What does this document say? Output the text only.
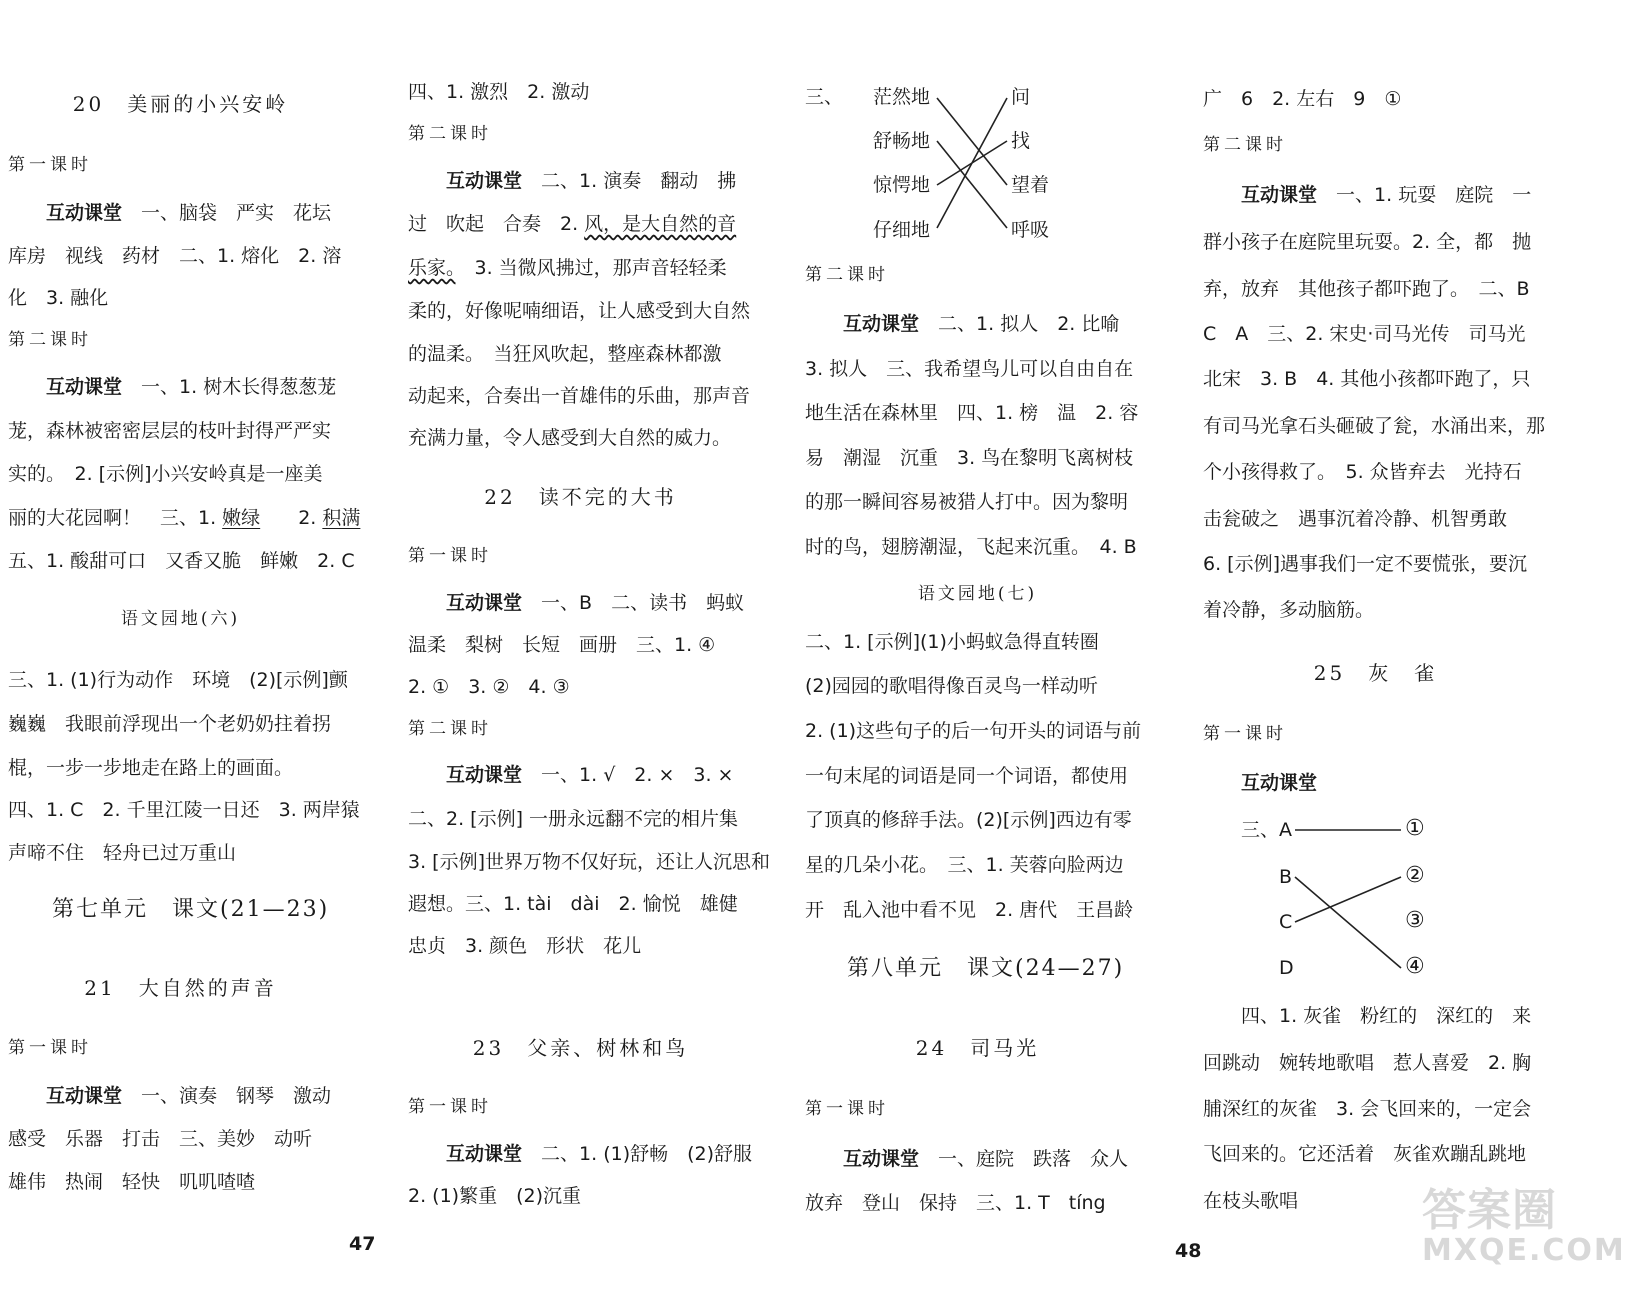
20　美丽的小兴安岭
第一课时
互动课堂　 一、脑袋　严实　花坛
库房　视线　药材　二、1. 熔化　2. 溶
化　3. 融化
第二课时
互动课堂　 一、1. 树木长得葱葱茏
茏，森林被密密层层的枝叶封得严严实
实的。　2. [示例]小兴安岭真是一座美
丽的大花园啊！　三、1. 嫩绿　　2. 积满
五、1. 酸甜可口　又香又脆　鲜嫩　2. C
语文园地(六)
三、1. (1)行为动作　环境　(2)[示例]颤
巍巍　我眼前浮现出一个老奶奶拄着拐
棍，一步一步地走在路上的画面。
四、1. C　2. 千里江陵一日还　3. 两岸猿
声啼不住　轻舟已过万重山
第七单元　课文(21—23)
21　大自然的声音
第一课时
互动课堂　 一、演奏　钢琴　激动
感受　乐器　打击　三、美妙　动听
雄伟　热闹　轻快　叽叽喳喳
47
四、1. 激烈　2. 激动
第二课时
互动课堂　 二、1. 演奏　翻动　拂
过　吹起　合奏　2. 风，是大自然的音
乐家。　3. 当微风拂过，那声音轻轻柔
柔的，好像呢喃细语，让人感受到大自然
的温柔。　当狂风吹起，整座森林都激
动起来，合奏出一首雄伟的乐曲，那声音
充满力量，令人感受到大自然的威力。
22　读不完的大书
第一课时
互动课堂　 一、B　二、读书　蚂蚁
温柔　梨树　长短　画册　三、1. ④
2. ①　3. ②　4. ③
第二课时
互动课堂　 一、1. √　2. ×　3. ×
二、2. [示例] 一册永远翻不完的相片集
3. [示例]世界万物不仅好玩，还让人沉思和
遐想。三、1. tài　dài　2. 愉悦　雄健
忠贞　3. 颜色　形状　花儿
23　父亲、树林和鸟
第一课时
互动课堂　 二、1. (1)舒畅　(2)舒服
2. (1)繁重　(2)沉重
三、 茫然地
舒畅地
惊愕地
仔细地
问
找
望着
呼吸
第二课时
互动课堂　 二、1. 拟人　2. 比喻
3. 拟人　三、我希望鸟儿可以自由自在
地生活在森林里　四、1. 榜　温　2. 容
易　潮湿　沉重　3. 鸟在黎明飞离树枝
的那一瞬间容易被猎人打中。因为黎明
时的鸟，翅膀潮湿，飞起来沉重。　4. B
语文园地(七)
二、1. [示例](1)小蚂蚁急得直转圈
(2)园园的歌唱得像百灵鸟一样动听
2. (1)这些句子的后一句开头的词语与前
一句末尾的词语是同一个词语，都使用
了顶真的修辞手法。(2)[示例]西边有零
星的几朵小花。　三、1. 芙蓉向脸两边
开　乱入池中看不见　2. 唐代　王昌龄
第八单元　课文(24—27)
24　司马光
第一课时
互动课堂　 一、庭院　跌落　众人
放弃　登山　保持　三、1. T　tíng
广　6　2. 左右　9　①
第二课时
互动课堂　 一、1. 玩耍　庭院　一
群小孩子在庭院里玩耍。2. 全，都　抛
弃，放弃　其他孩子都吓跑了。　二、B
C　A　三、2. 宋史·司马光传　司马光
北宋　3. B　4. 其他小孩都吓跑了，只
有司马光拿石头砸破了瓮，水涌出来，那
个小孩得救了。　5. 众皆弃去　光持石
击瓮破之　遇事沉着冷静、机智勇敢
6. [示例]遇事我们一定不要慌张，要沉
着冷静，多动脑筋。
25　灰　雀
第一课时
互动课堂
三、 A
B
C
D
①
②
③
④
四、1. 灰雀　粉红的　深红的　来
回跳动　婉转地歌唱　惹人喜爱　2. 胸
脯深红的灰雀　3. 会飞回来的，一定会
飞回来的。它还活着　灰雀欢蹦乱跳地
在枝头歌唱
48
答案圈
MXQE.COM
